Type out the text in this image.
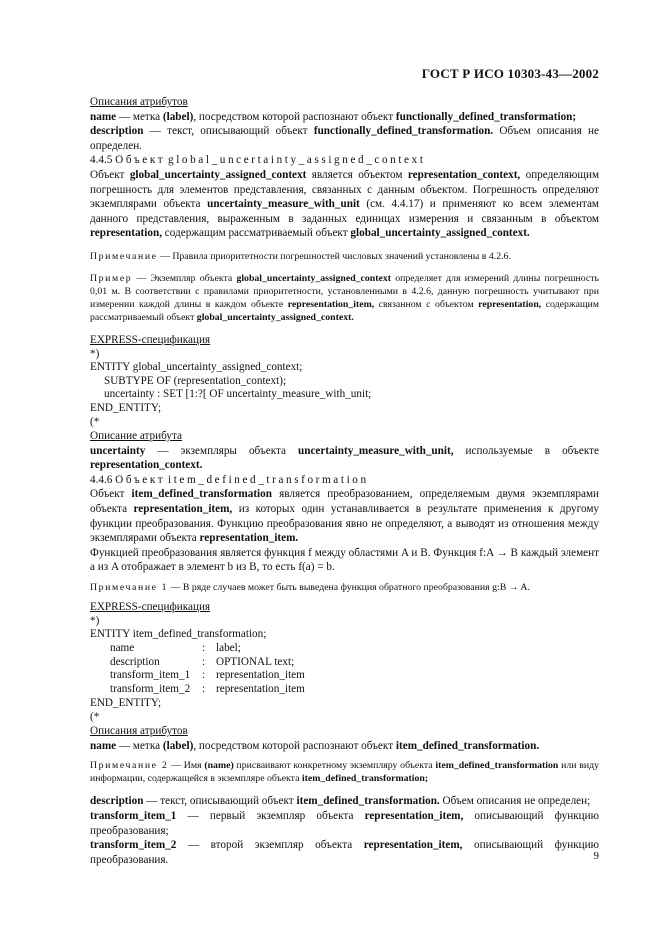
ГОСТ Р ИСО 10303-43—2002

Описания атрибутов

name — метка (label), посредством которой распознают объект functionally_defined_transformation;

description — текст, описывающий объект functionally_defined_transformation. Объем описания не определен.

4.4.5 Объект global_uncertainty_assigned_context

Объект global_uncertainty_assigned_context является объектом representation_context, определяющим погрешность для элементов представления, связанных с данным объектом. Погрешность определяют экземплярами объекта uncertainty_measure_with_unit (см. 4.4.17) и применяют ко всем элементам данного представления, выраженным в заданных единицах измерения и связанным в объектом representation, содержащим рассматриваемый объект global_uncertainty_assigned_context.

Примечание — Правила приоритетности погрешностей числовых значений установлены в 4.2.6.

Пример — Экземпляр объекта global_uncertainty_assigned_context определяет для измерений длины погрешность 0,01 м. В соответствии с правилами приоритетности, установленными в 4.2.6, данную погрешность учитывают при измерении каждой длины в каждом объекте representation_item, связанном с объектом representation, содержащим рассматриваемый объект global_uncertainty_assigned_context.

EXPRESS-спецификация

*)

ENTITY global_uncertainty_assigned_context;

SUBTYPE OF (representation_context);

uncertainty : SET [1:?[ OF uncertainty_measure_with_unit;

END_ENTITY;

(*

Описание атрибута

uncertainty — экземпляры объекта uncertainty_measure_with_unit, используемые в объекте representation_context.

4.4.6 Объект item_defined_transformation

Объект item_defined_transformation является преобразованием, определяемым двумя экземплярами объекта representation_item, из которых один устанавливается в результате применения к другому функции преобразования. Функцию преобразования явно не определяют, а выводят из отношения между экземплярами объекта representation_item.

Функцией преобразования является функция f между областями A и B. Функция f:A → B каждый элемент a из A отображает в элемент b из B, то есть f(a) = b.

Примечание 1 — В ряде случаев может быть выведена функция обратного преобразования g:B → A.

EXPRESS-спецификация

*)

ENTITY item_defined_transformation;

name	: label;
description	: OPTIONAL text;
transform_item_1	: representation_item
transform_item_2	: representation_item

END_ENTITY;

(*

Описания атрибутов

name — метка (label), посредством которой распознают объект item_defined_transformation.

Примечание 2 — Имя (name) присваивают конкретному экземпляру объекта item_defined_transformation или виду информации, содержащейся в экземпляре объекта item_defined_transformation;

description — текст, описывающий объект item_defined_transformation. Объем описания не определен;

transform_item_1 — первый экземпляр объекта representation_item, описывающий функцию преобразования;

transform_item_2 — второй экземпляр объекта representation_item, описывающий функцию преобразования.	9
